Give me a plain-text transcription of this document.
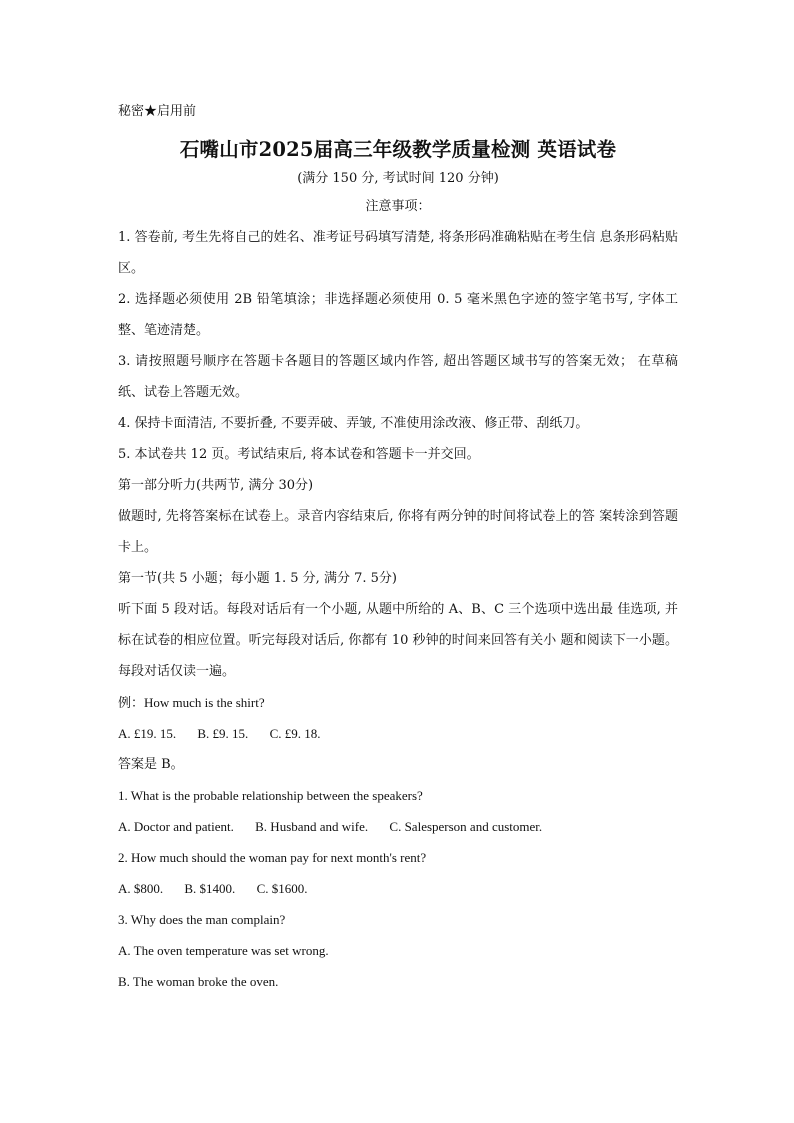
秘密★启用前
石嘴山市2025届高三年级教学质量检测 英语试卷
(满分 150 分, 考试时间 120 分钟)
注意事项：
1. 答卷前, 考生先将自己的姓名、准考证号码填写清楚, 将条形码准确粘贴在考生信 息条形码粘贴区。
2. 选择题必须使用 2B 铅笔填涂；非选择题必须使用 0. 5 毫米黑色字迹的签字笔书写, 字体工整、笔迹清楚。
3. 请按照题号顺序在答题卡各题目的答题区域内作答, 超出答题区域书写的答案无效； 在草稿纸、试卷上答题无效。
4. 保持卡面清洁, 不要折叠, 不要弄破、弄皱, 不准使用涂改液、修正带、刮纸刀。
5. 本试卷共 12 页。考试结束后, 将本试卷和答题卡一并交回。
第一部分听力(共两节, 满分 30分)
做题时, 先将答案标在试卷上。录音内容结束后, 你将有两分钟的时间将试卷上的答 案转涂到答题卡上。
第一节(共 5 小题；每小题 1. 5 分, 满分 7. 5分)
听下面 5 段对话。每段对话后有一个小题, 从题中所给的 A、B、C 三个选项中选出最 佳选项, 并标在试卷的相应位置。听完每段对话后, 你都有 10 秒钟的时间来回答有关小 题和阅读下一小题。每段对话仅读一遍。
例：How much is the shirt?
A. £19. 15. B. £9. 15. C. £9. 18.
答案是 B。
1. What is the probable relationship between the speakers?
A. Doctor and patient. B. Husband and wife. C. Salesperson and customer.
2. How much should the woman pay for next month's rent?
A. $800. B. $1400. C. $1600.
3. Why does the man complain?
A. The oven temperature was set wrong.
B. The woman broke the oven.
